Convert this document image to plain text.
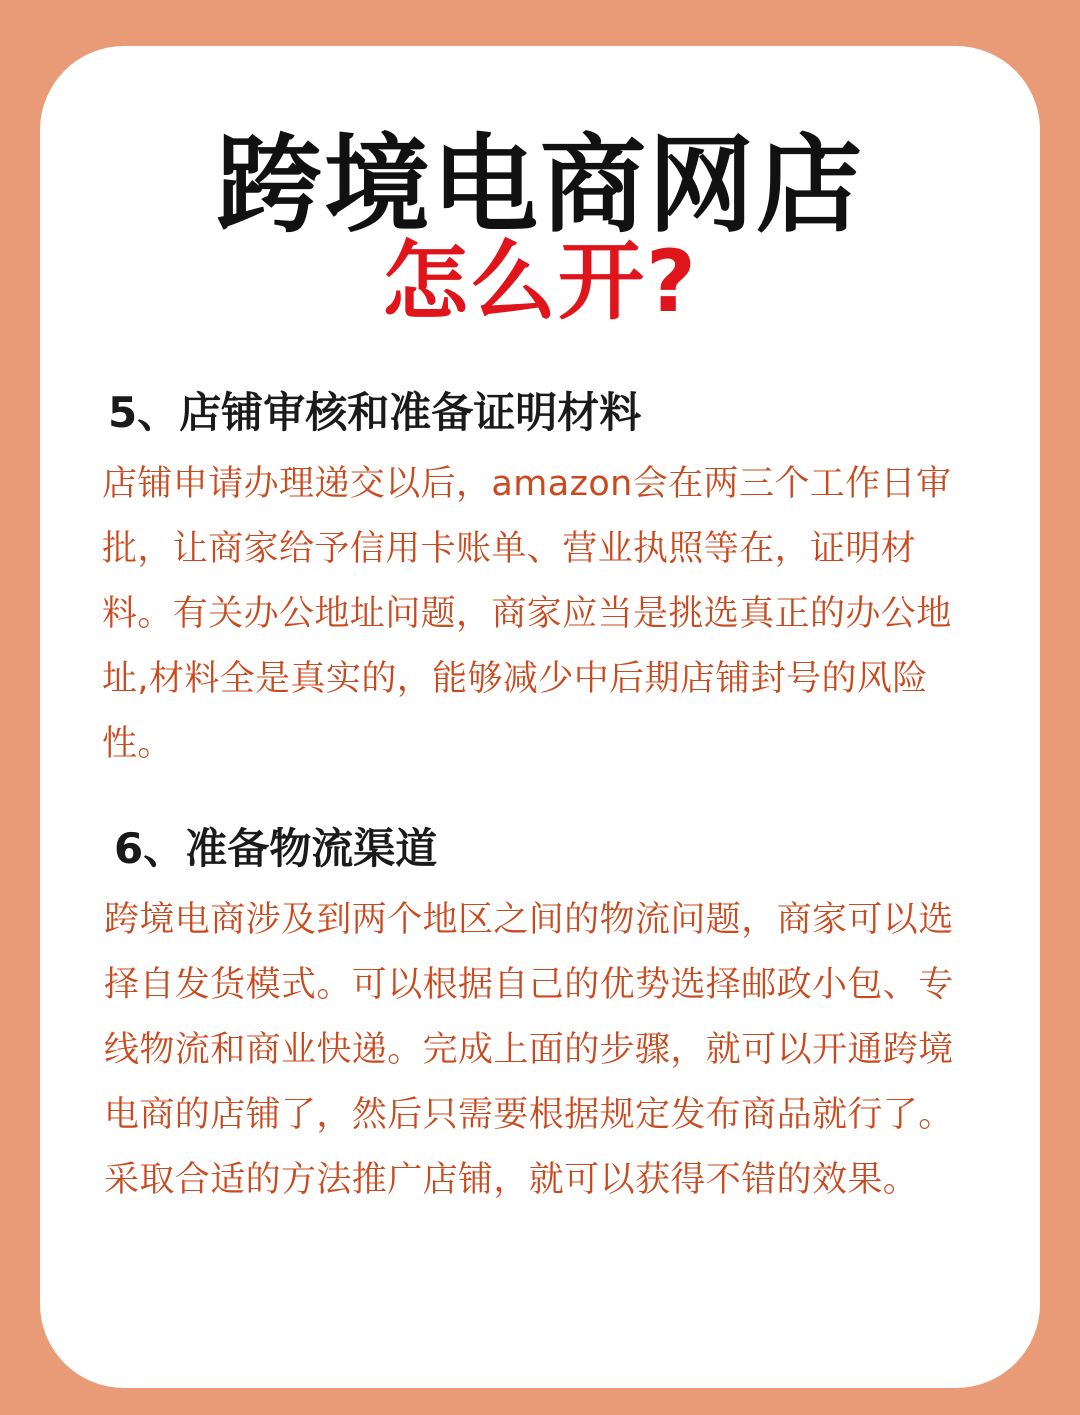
跨境电商网店
怎么开?
5、店铺审核和准备证明材料

店铺申请办理递交以后，amazon会在两三个工作日审批，让商家给予信用卡账单、营业执照等在，证明材料。有关办公地址问题，商家应当是挑选真正的办公地址,材料全是真实的，能够减少中后期店铺封号的风险性。

6、准备物流渠道

跨境电商涉及到两个地区之间的物流问题，商家可以选择自发货模式。可以根据自己的优势选择邮政小包、专线物流和商业快递。完成上面的步骤，就可以开通跨境电商的店铺了，然后只需要根据规定发布商品就行了。采取合适的方法推广店铺，就可以获得不错的效果。
